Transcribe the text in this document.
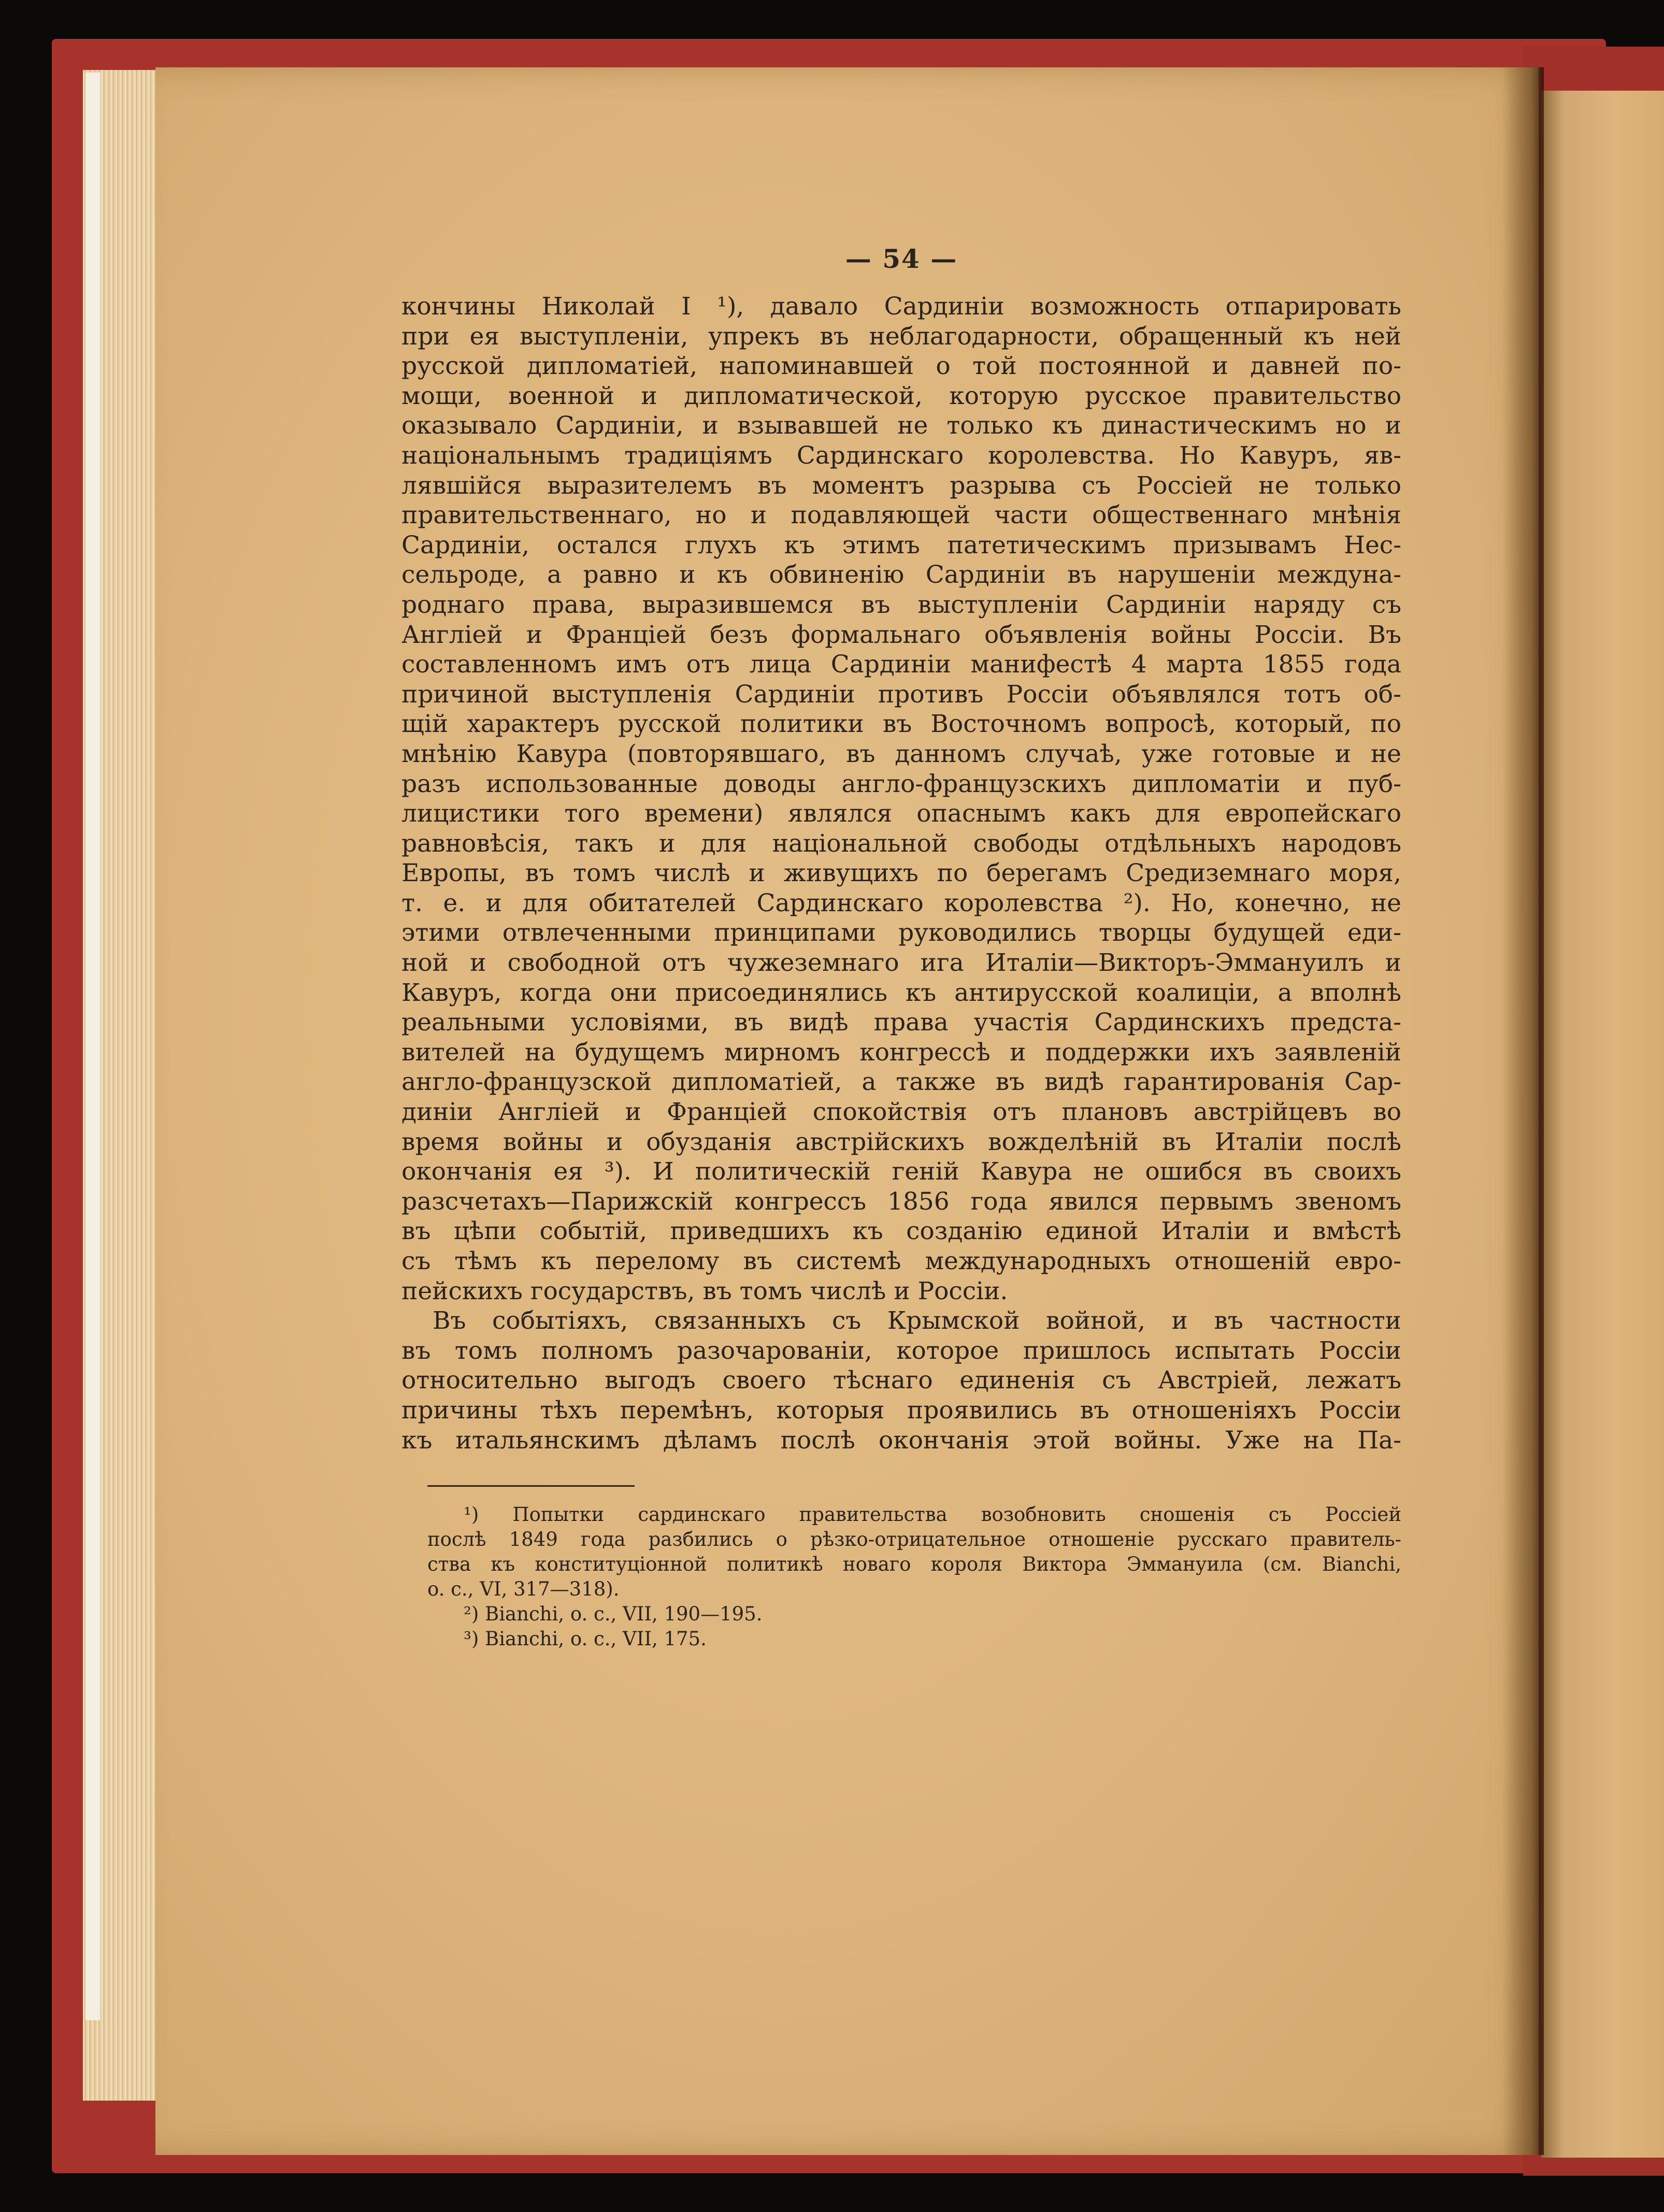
— 54 —
кончины Николай I ¹), давало Сардинiи возможность отпарировать
при ея выступленiи, упрекъ въ неблагодарности, обращенный къ ней
русской дипломатiей, напоминавшей о той постоянной и давней по-
мощи, военной и дипломатической, которую русское правительство
оказывало Сардинiи, и взывавшей не только къ династическимъ но и
нацiональнымъ традицiямъ Сардинскаго королевства. Но Кавуръ, яв-
лявшiйся выразителемъ въ моментъ разрыва съ Россiей не только
правительственнаго, но и подавляющей части общественнаго мнѣнiя
Сардинiи, остался глухъ къ этимъ патетическимъ призывамъ Нес-
сельроде, а равно и къ обвиненiю Сардинiи въ нарушенiи междуна-
роднаго права, выразившемся въ выступленiи Сардинiи наряду съ
Англiей и Францiей безъ формальнаго объявленiя войны Россiи. Въ
составленномъ имъ отъ лица Сардинiи манифестѣ 4 марта 1855 года
причиной выступленiя Сардинiи противъ Россiи объявлялся тотъ об-
щiй характеръ русской политики въ Восточномъ вопросѣ, который, по
мнѣнiю Кавура (повторявшаго, въ данномъ случаѣ, уже готовые и не
разъ использованные доводы англо-французскихъ дипломатiи и пуб-
лицистики того времени) являлся опаснымъ какъ для европейскаго
равновѣсiя, такъ и для нацiональной свободы отдѣльныхъ народовъ
Европы, въ томъ числѣ и живущихъ по берегамъ Средиземнаго моря,
т. е. и для обитателей Сардинскаго королевства ²). Но, конечно, не
этими отвлеченными принципами руководились творцы будущей еди-
ной и свободной отъ чужеземнаго ига Италiи—Викторъ-Эммануилъ и
Кавуръ, когда они присоединялись къ антирусской коалицiи, а вполнѣ
реальными условiями, въ видѣ права участiя Сардинскихъ предста-
вителей на будущемъ мирномъ конгрессѣ и поддержки ихъ заявленiй
англо-французской дипломатiей, а также въ видѣ гарантированiя Сар-
динiи Англiей и Францiей спокойствiя отъ плановъ австрiйцевъ во
время войны и обузданiя австрiйскихъ вожделѣнiй въ Италiи послѣ
окончанiя ея ³). И политическiй генiй Кавура не ошибся въ своихъ
разсчетахъ—Парижскiй конгрессъ 1856 года явился первымъ звеномъ
въ цѣпи событiй, приведшихъ къ созданiю единой Италiи и вмѣстѣ
съ тѣмъ къ перелому въ системѣ международныхъ отношенiй евро-
пейскихъ государствъ, въ томъ числѣ и Россiи.
Въ событiяхъ, связанныхъ съ Крымской войной, и въ частности
въ томъ полномъ разочарованiи, которое пришлось испытать Россiи
относительно выгодъ своего тѣснаго единенiя съ Австрiей, лежатъ
причины тѣхъ перемѣнъ, которыя проявились въ отношенiяхъ Россiи
къ итальянскимъ дѣламъ послѣ окончанiя этой войны. Уже на Па-
¹) Попытки сардинскаго правительства возобновить сношенiя съ Россiей
послѣ 1849 года разбились о рѣзко-отрицательное отношенiе русскаго правитель-
ства къ конституцiонной политикѣ новаго короля Виктора Эммануила (см. Bianchi,
o. c., VI, 317—318).
²) Bianchi, o. c., VII, 190—195.
³) Bianchi, o. c., VII, 175.
